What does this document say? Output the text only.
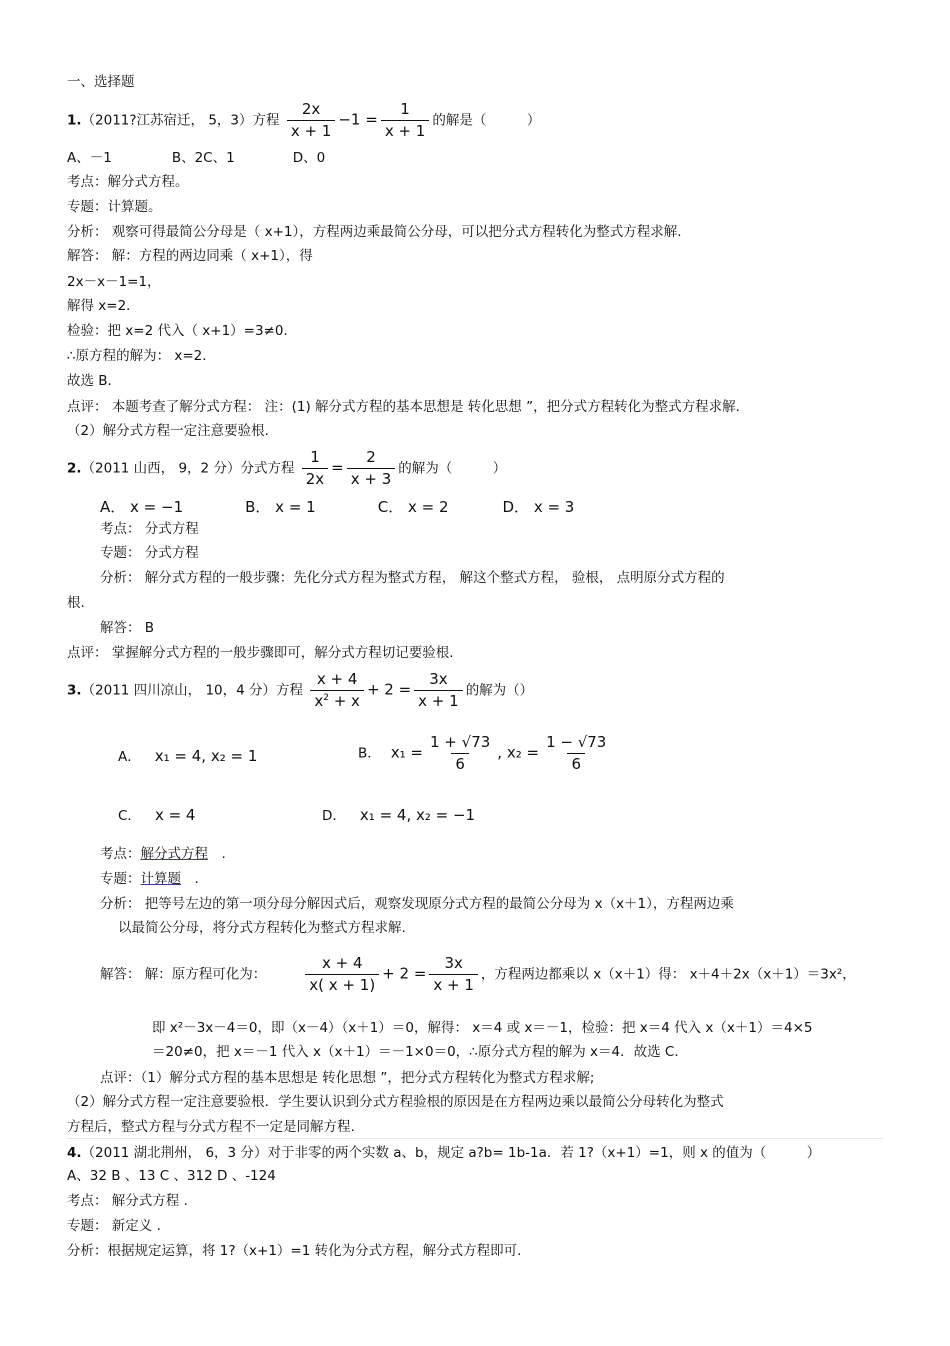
一、选择题
1.（2011?江苏宿迁， 5，3）方程 $\frac{2x}{x + 1} -1 = \frac{1}{x + 1}$ 的解是（　　　）
A、－1	B、2C、1	D、0
考点：解分式方程。
专题：计算题。
分析： 观察可得最简公分母是（ x+1），方程两边乘最简公分母，可以把分式方程转化为整式方程求解.
解答： 解：方程的两边同乘（ x+1），得
2x－x－1=1，
解得 x=2．
检验：把 x=2 代入（ x+1）=3≠0．
∴原方程的解为： x=2．
故选 B．
点评： 本题考查了解分式方程： 注：(1) 解分式方程的基本思想是 转化思想 ”，把分式方程转化为整式方程求解.
（2）解分式方程一定注意要验根.
2.（2011 山西， 9，2 分）分式方程 $\frac{1}{2x} = \frac{2}{x + 3}$ 的解为（　　　）
A． x = −1	B． x = 1	C． x = 2	D． x = 3
考点： 分式方程
专题： 分式方程
分析： 解分式方程的一般步骤：先化分式方程为整式方程， 解这个整式方程， 验根， 点明原分式方程的
根.
解答： B
点评： 掌握解分式方程的一般步骤即可，解分式方程切记要验根.
3.（2011 四川凉山， 10，4 分）方程 $\frac{x + 4}{x^2 + x} + 2 = \frac{3x}{x + 1}$ 的解为（）
A． x₁ = 4, x₂ = 1	B． $x_1 = \frac{1 + √73}{6}$ , $x_2 = \frac{1 - √73}{6}$
C． x = 4	D． x₁ = 4, x₂ = −1
考点：解分式方程　.
专题：计算题　.
分析： 把等号左边的第一项分母分解因式后，观察发现原分式方程的最简公分母为 x（x＋1），方程两边乘
以最简公分母，将分式方程转化为整式方程求解.
解答： 解：原方程可化为：	$\frac{x + 4}{x( x + 1)} + 2 = \frac{3x}{x + 1}$ ，方程两边都乘以 x（x＋1）得： x＋4＋2x（x＋1）＝3x²，
即 x²－3x－4＝0，即（x－4）（x＋1）＝0，解得： x＝4 或 x＝－1，检验：把 x＝4 代入 x（x＋1）＝4×5
＝20≠0，把 x＝－1 代入 x（x＋1）＝－1×0＝0，∴原分式方程的解为 x＝4．故选 C.
点评：（1）解分式方程的基本思想是 转化思想 ”，把分式方程转化为整式方程求解;
（2）解分式方程一定注意要验根．学生要认识到分式方程验根的原因是在方程两边乘以最简公分母转化为整式
方程后，整式方程与分式方程不一定是同解方程.
4.（2011 湖北荆州， 6，3 分）对于非零的两个实数 a、b，规定 a?b= 1b-1a．若 1?（x+1）=1，则 x 的值为（　　　）
A、32 B 、13 C 、312 D 、-124
考点： 解分式方程 .
专题： 新定义 .
分析：根据规定运算，将 1?（x+1）=1 转化为分式方程，解分式方程即可.
